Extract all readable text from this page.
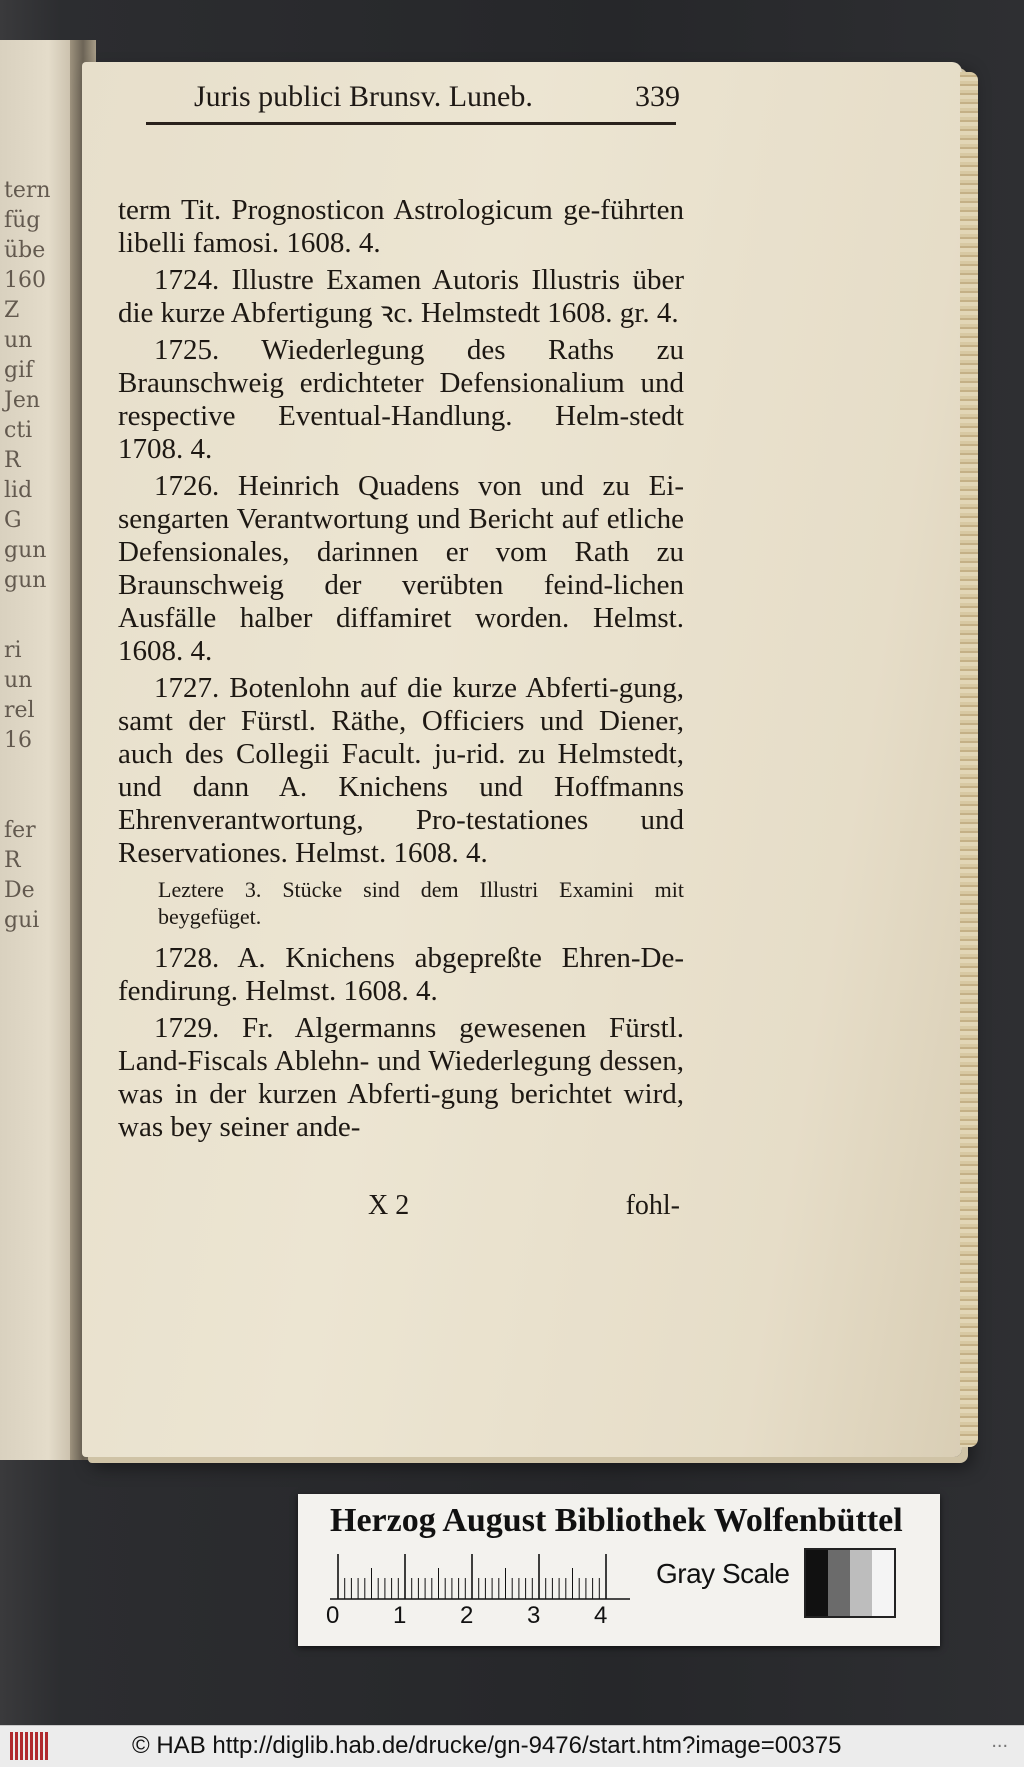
tern
füg
übe
160
Z
un
gif
Jen
cti
R
lid
G
gun
gun
ri
un
rel
16
fer
R
De
gui
Juris publici Brunsv. Luneb.	339

term Tit. Prognosticon Astrologicum ge-führten libelli famosi. 1608. 4.

1724. Illustre Examen Autoris Illustris über die kurze Abfertigung ꝛc. Helmstedt 1608. gr. 4.

1725. Wiederlegung des Raths zu Braunschweig erdichteter Defensionalium und respective Eventual-Handlung. Helm-stedt 1708. 4.

1726. Heinrich Quadens von und zu Ei-sengarten Verantwortung und Bericht auf etliche Defensionales, darinnen er vom Rath zu Braunschweig der verübten feind-lichen Ausfälle halber diffamiret worden. Helmst. 1608. 4.

1727. Botenlohn auf die kurze Abferti-gung, samt der Fürstl. Räthe, Officiers und Diener, auch des Collegii Facult. ju-rid. zu Helmstedt, und dann A. Knichens und Hoffmanns Ehrenverantwortung, Pro-testationes und Reservationes. Helmst. 1608. 4.

Leztere 3. Stücke sind dem Illustri Examini mit beygefüget.

1728. A. Knichens abgepreßte Ehren-De-fendirung. Helmst. 1608. 4.

1729. Fr. Algermanns gewesenen Fürstl. Land-Fiscals Ablehn- und Wiederlegung dessen, was in der kurzen Abferti-gung berichtet wird, was bey seiner ande-

X 2	fohl-
Herzog August Bibliothek Wolfenbüttel
0 1 2 3 4
Gray Scale
© HAB http://diglib.hab.de/drucke/gn-9476/start.htm?image=00375	...
